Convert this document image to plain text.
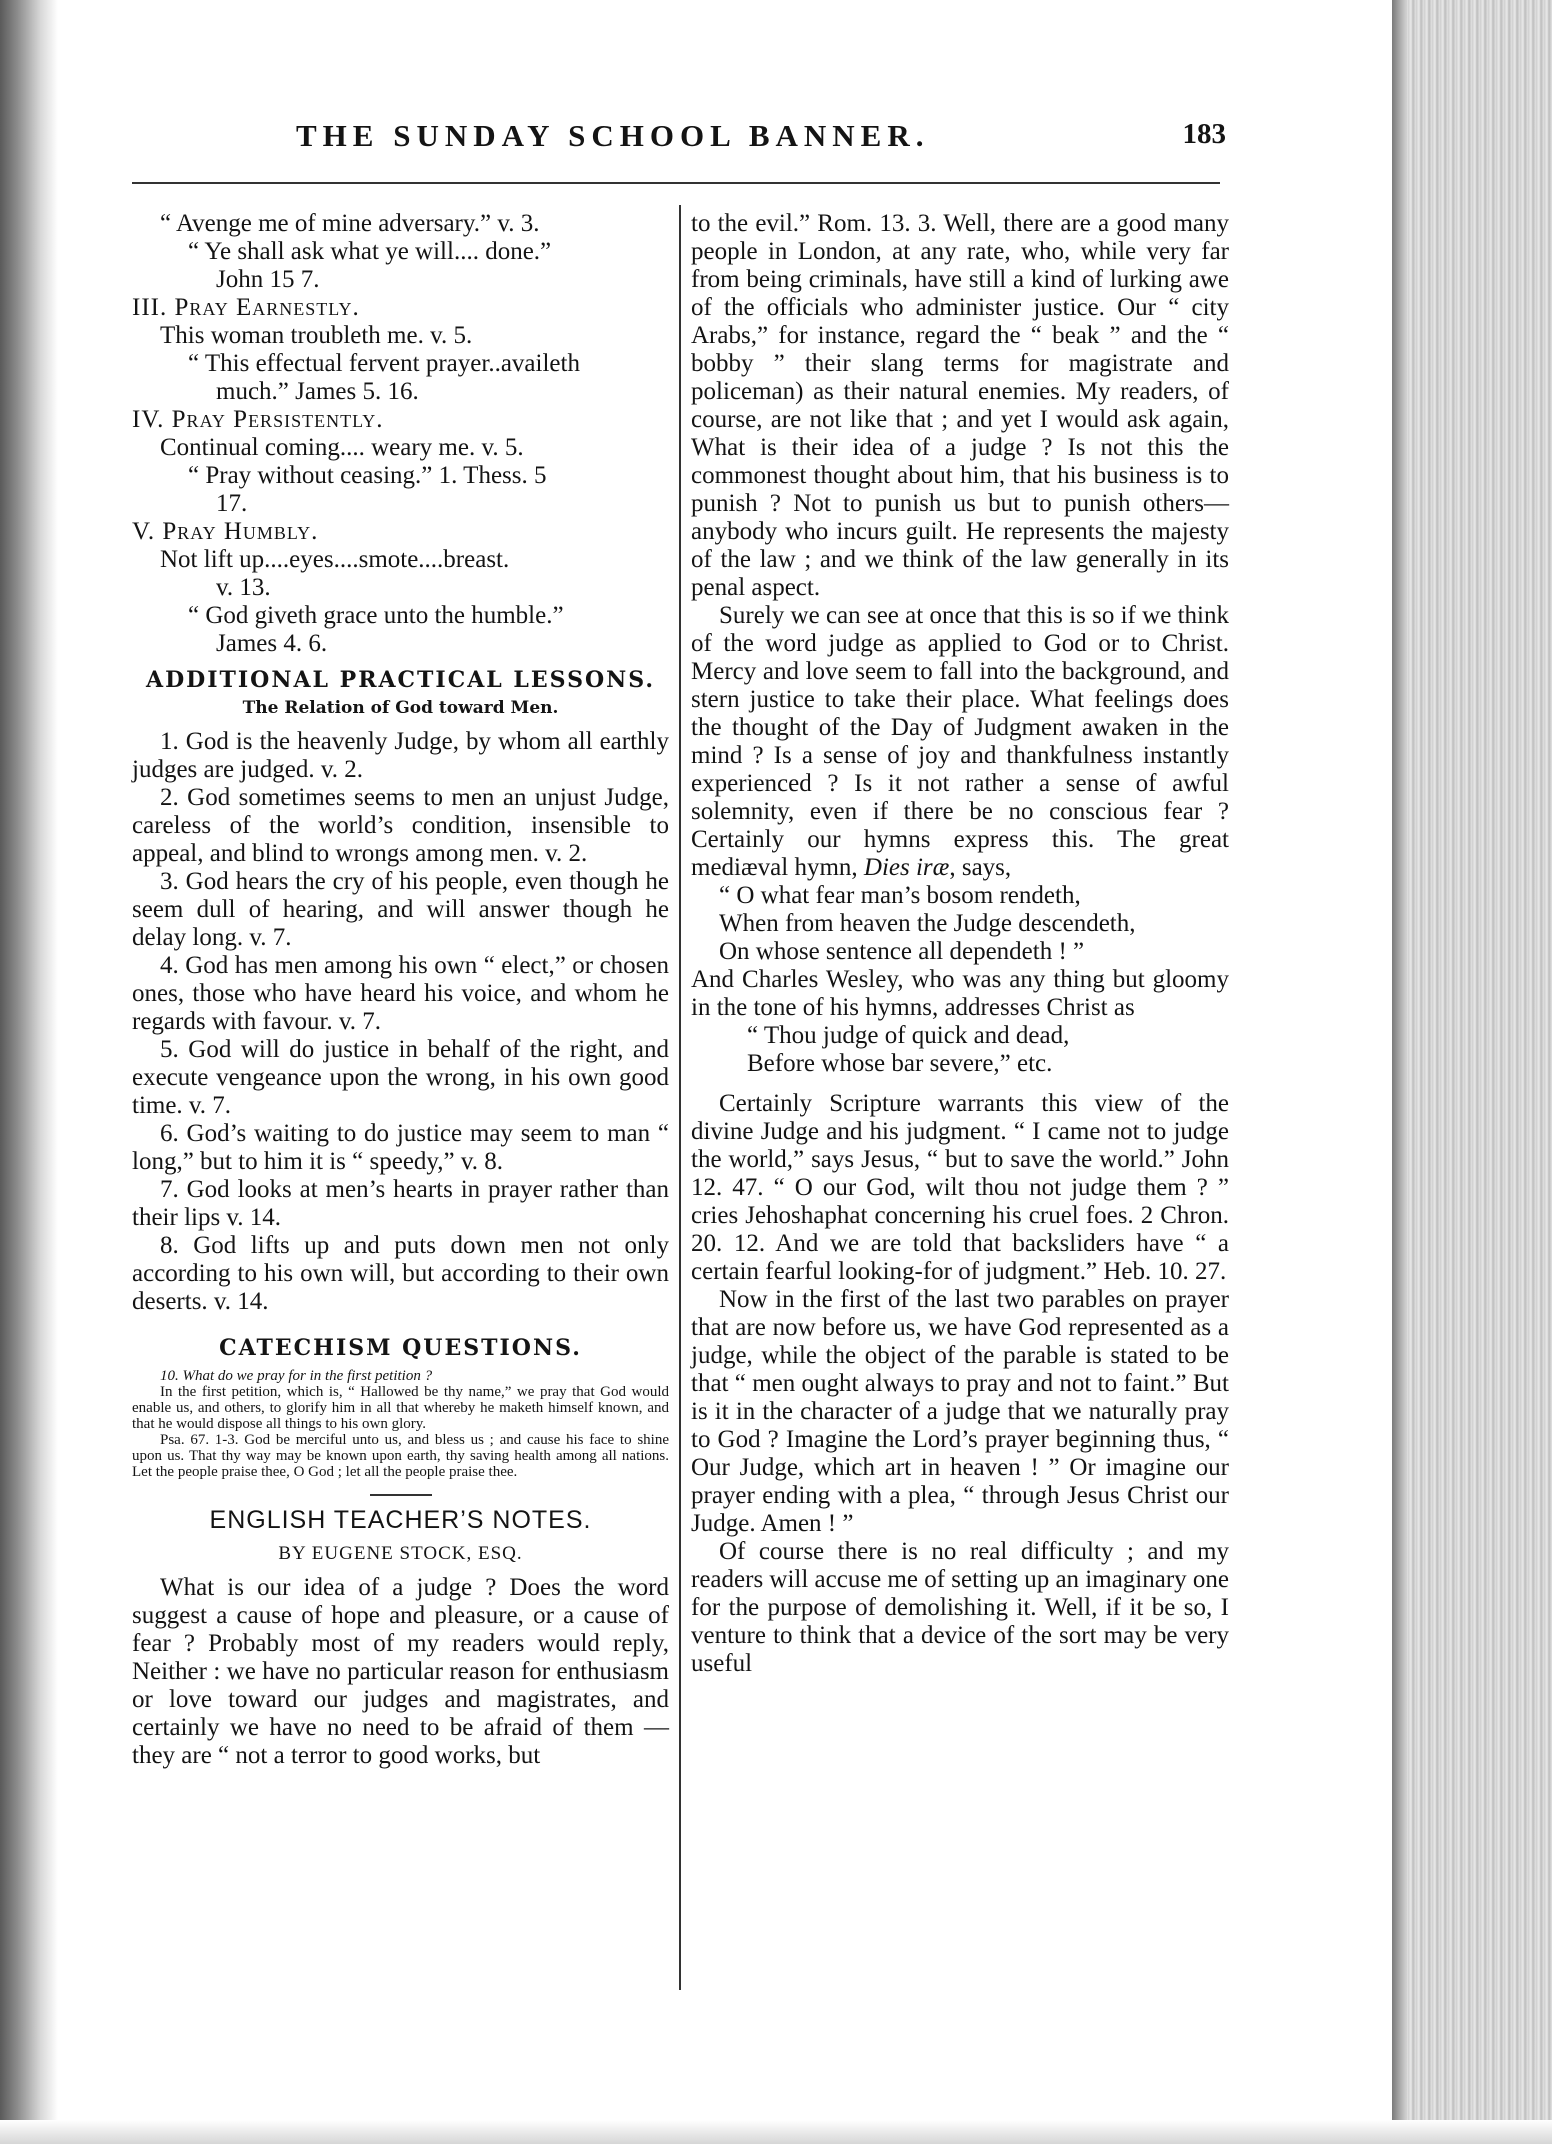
THE SUNDAY SCHOOL BANNER.	183

“ Avenge me of mine adversary.” v. 3.

“ Ye shall ask what ye will.... done.”

John 15 7.

III. Pray Earnestly.

This woman troubleth me. v. 5.

“ This effectual fervent prayer..availeth

much.” James 5. 16.

IV. Pray Persistently.

Continual coming.... weary me. v. 5.

“ Pray without ceasing.” 1. Thess. 5

17.

V. Pray Humbly.

Not lift up....eyes....smote....breast.

v. 13.

“ God giveth grace unto the humble.”

James 4. 6.

ADDITIONAL PRACTICAL LESSONS.

The Relation of God toward Men.

1. God is the heavenly Judge, by whom all earthly judges are judged. v. 2.

2. God sometimes seems to men an unjust Judge, careless of the world’s condition, insensible to appeal, and blind to wrongs among men. v. 2.

3. God hears the cry of his people, even though he seem dull of hearing, and will answer though he delay long. v. 7.

4. God has men among his own “ elect,” or chosen ones, those who have heard his voice, and whom he regards with favour. v. 7.

5. God will do justice in behalf of the right, and execute vengeance upon the wrong, in his own good time. v. 7.

6. God’s waiting to do justice may seem to man “ long,” but to him it is “ speedy,” v. 8.

7. God looks at men’s hearts in prayer rather than their lips v. 14.

8. God lifts up and puts down men not only according to his own will, but according to their own deserts. v. 14.

CATECHISM QUESTIONS.

10. What do we pray for in the first petition ?

In the first petition, which is, “ Hallowed be thy name,” we pray that God would enable us, and others, to glorify him in all that whereby he maketh himself known, and that he would dispose all things to his own glory.

Psa. 67. 1-3. God be merciful unto us, and bless us ; and cause his face to shine upon us. That thy way may be known upon earth, thy saving health among all nations. Let the people praise thee, O God ; let all the people praise thee.

ENGLISH TEACHER’S NOTES.

BY EUGENE STOCK, ESQ.

What is our idea of a judge ? Does the word suggest a cause of hope and pleasure, or a cause of fear ? Probably most of my readers would reply, Neither : we have no particular reason for enthusiasm or love toward our judges and magistrates, and certainly we have no need to be afraid of them —they are “ not a terror to good works, but

to the evil.” Rom. 13. 3. Well, there are a good many people in London, at any rate, who, while very far from being criminals, have still a kind of lurking awe of the officials who administer justice. Our “ city Arabs,” for instance, regard the “ beak ” and the “ bobby ” their slang terms for magistrate and policeman) as their natural enemies. My readers, of course, are not like that ; and yet I would ask again, What is their idea of a judge ? Is not this the commonest thought about him, that his business is to punish ? Not to punish us but to punish others—anybody who incurs guilt. He represents the majesty of the law ; and we think of the law generally in its penal aspect.

Surely we can see at once that this is so if we think of the word judge as applied to God or to Christ. Mercy and love seem to fall into the background, and stern justice to take their place. What feelings does the thought of the Day of Judgment awaken in the mind ? Is a sense of joy and thankfulness instantly experienced ? Is it not rather a sense of awful solemnity, even if there be no conscious fear ? Certainly our hymns express this. The great mediæval hymn, Dies iræ, says,

“ O what fear man’s bosom rendeth,

When from heaven the Judge descendeth,

On whose sentence all dependeth ! ”

And Charles Wesley, who was any thing but gloomy in the tone of his hymns, addresses Christ as

“ Thou judge of quick and dead,

Before whose bar severe,” etc.

Certainly Scripture warrants this view of the divine Judge and his judgment. “ I came not to judge the world,” says Jesus, “ but to save the world.” John 12. 47. “ O our God, wilt thou not judge them ? ” cries Jehoshaphat concerning his cruel foes. 2 Chron. 20. 12. And we are told that backsliders have “ a certain fearful looking-for of judgment.” Heb. 10. 27.

Now in the first of the last two parables on prayer that are now before us, we have God represented as a judge, while the object of the parable is stated to be that “ men ought always to pray and not to faint.” But is it in the character of a judge that we naturally pray to God ? Imagine the Lord’s prayer beginning thus, “ Our Judge, which art in heaven ! ” Or imagine our prayer ending with a plea, “ through Jesus Christ our Judge. Amen ! ”

Of course there is no real difficulty ; and my readers will accuse me of setting up an imaginary one for the purpose of demolishing it. Well, if it be so, I venture to think that a device of the sort may be very useful
